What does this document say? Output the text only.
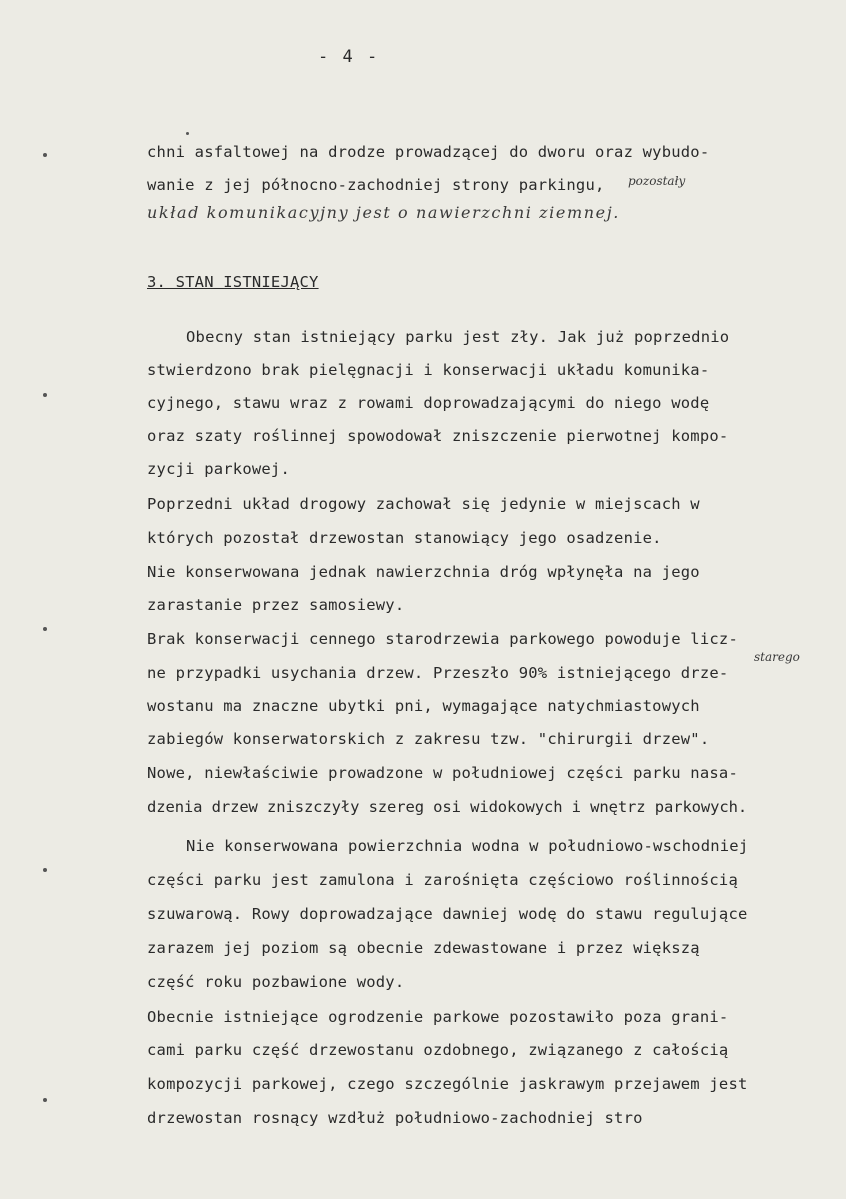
- 4 -
chni asfaltowej na drodze prowadzącej do dworu oraz wybudo-
wanie z jej północno-zachodniej strony parkingu, pozostały
układ komunikacyjny jest o nawierzchni ziemnej.
3. STAN ISTNIEJĄCY
Obecny stan istniejący parku jest zły. Jak już poprzednio
stwierdzono brak pielęgnacji i konserwacji układu komunika-
cyjnego, stawu wraz z rowami doprowadzającymi do niego wodę
oraz szaty roślinnej spowodował zniszczenie pierwotnej kompo-
zycji parkowej.
Poprzedni układ drogowy zachował się jedynie w miejscach w
których pozostał drzewostan stanowiący jego osadzenie.
Nie konserwowana jednak nawierzchnia dróg wpłynęła na jego
zarastanie przez samosiewy.
Brak konserwacji cennego starodrzewia parkowego powoduje licz-
starego
ne przypadki usychania drzew. Przeszło 90% istniejącego drze-
wostanu ma znaczne ubytki pni, wymagające natychmiastowych
zabiegów konserwatorskich z zakresu tzw. "chirurgii drzew".
Nowe, niewłaściwie prowadzone w południowej części parku nasa-
dzenia drzew zniszczyły szereg osi widokowych i wnętrz parkowych.
Nie konserwowana powierzchnia wodna w południowo-wschodniej
części parku jest zamulona i zarośnięta częściowo roślinnością
szuwarową. Rowy doprowadzające dawniej wodę do stawu regulujące
zarazem jej poziom są obecnie zdewastowane i przez większą
część roku pozbawione wody.
Obecnie istniejące ogrodzenie parkowe pozostawiło poza grani-
cami parku część drzewostanu ozdobnego, związanego z całością
kompozycji parkowej, czego szczególnie jaskrawym przejawem jest
drzewostan rosnący wzdłuż południowo-zachodniej stro
